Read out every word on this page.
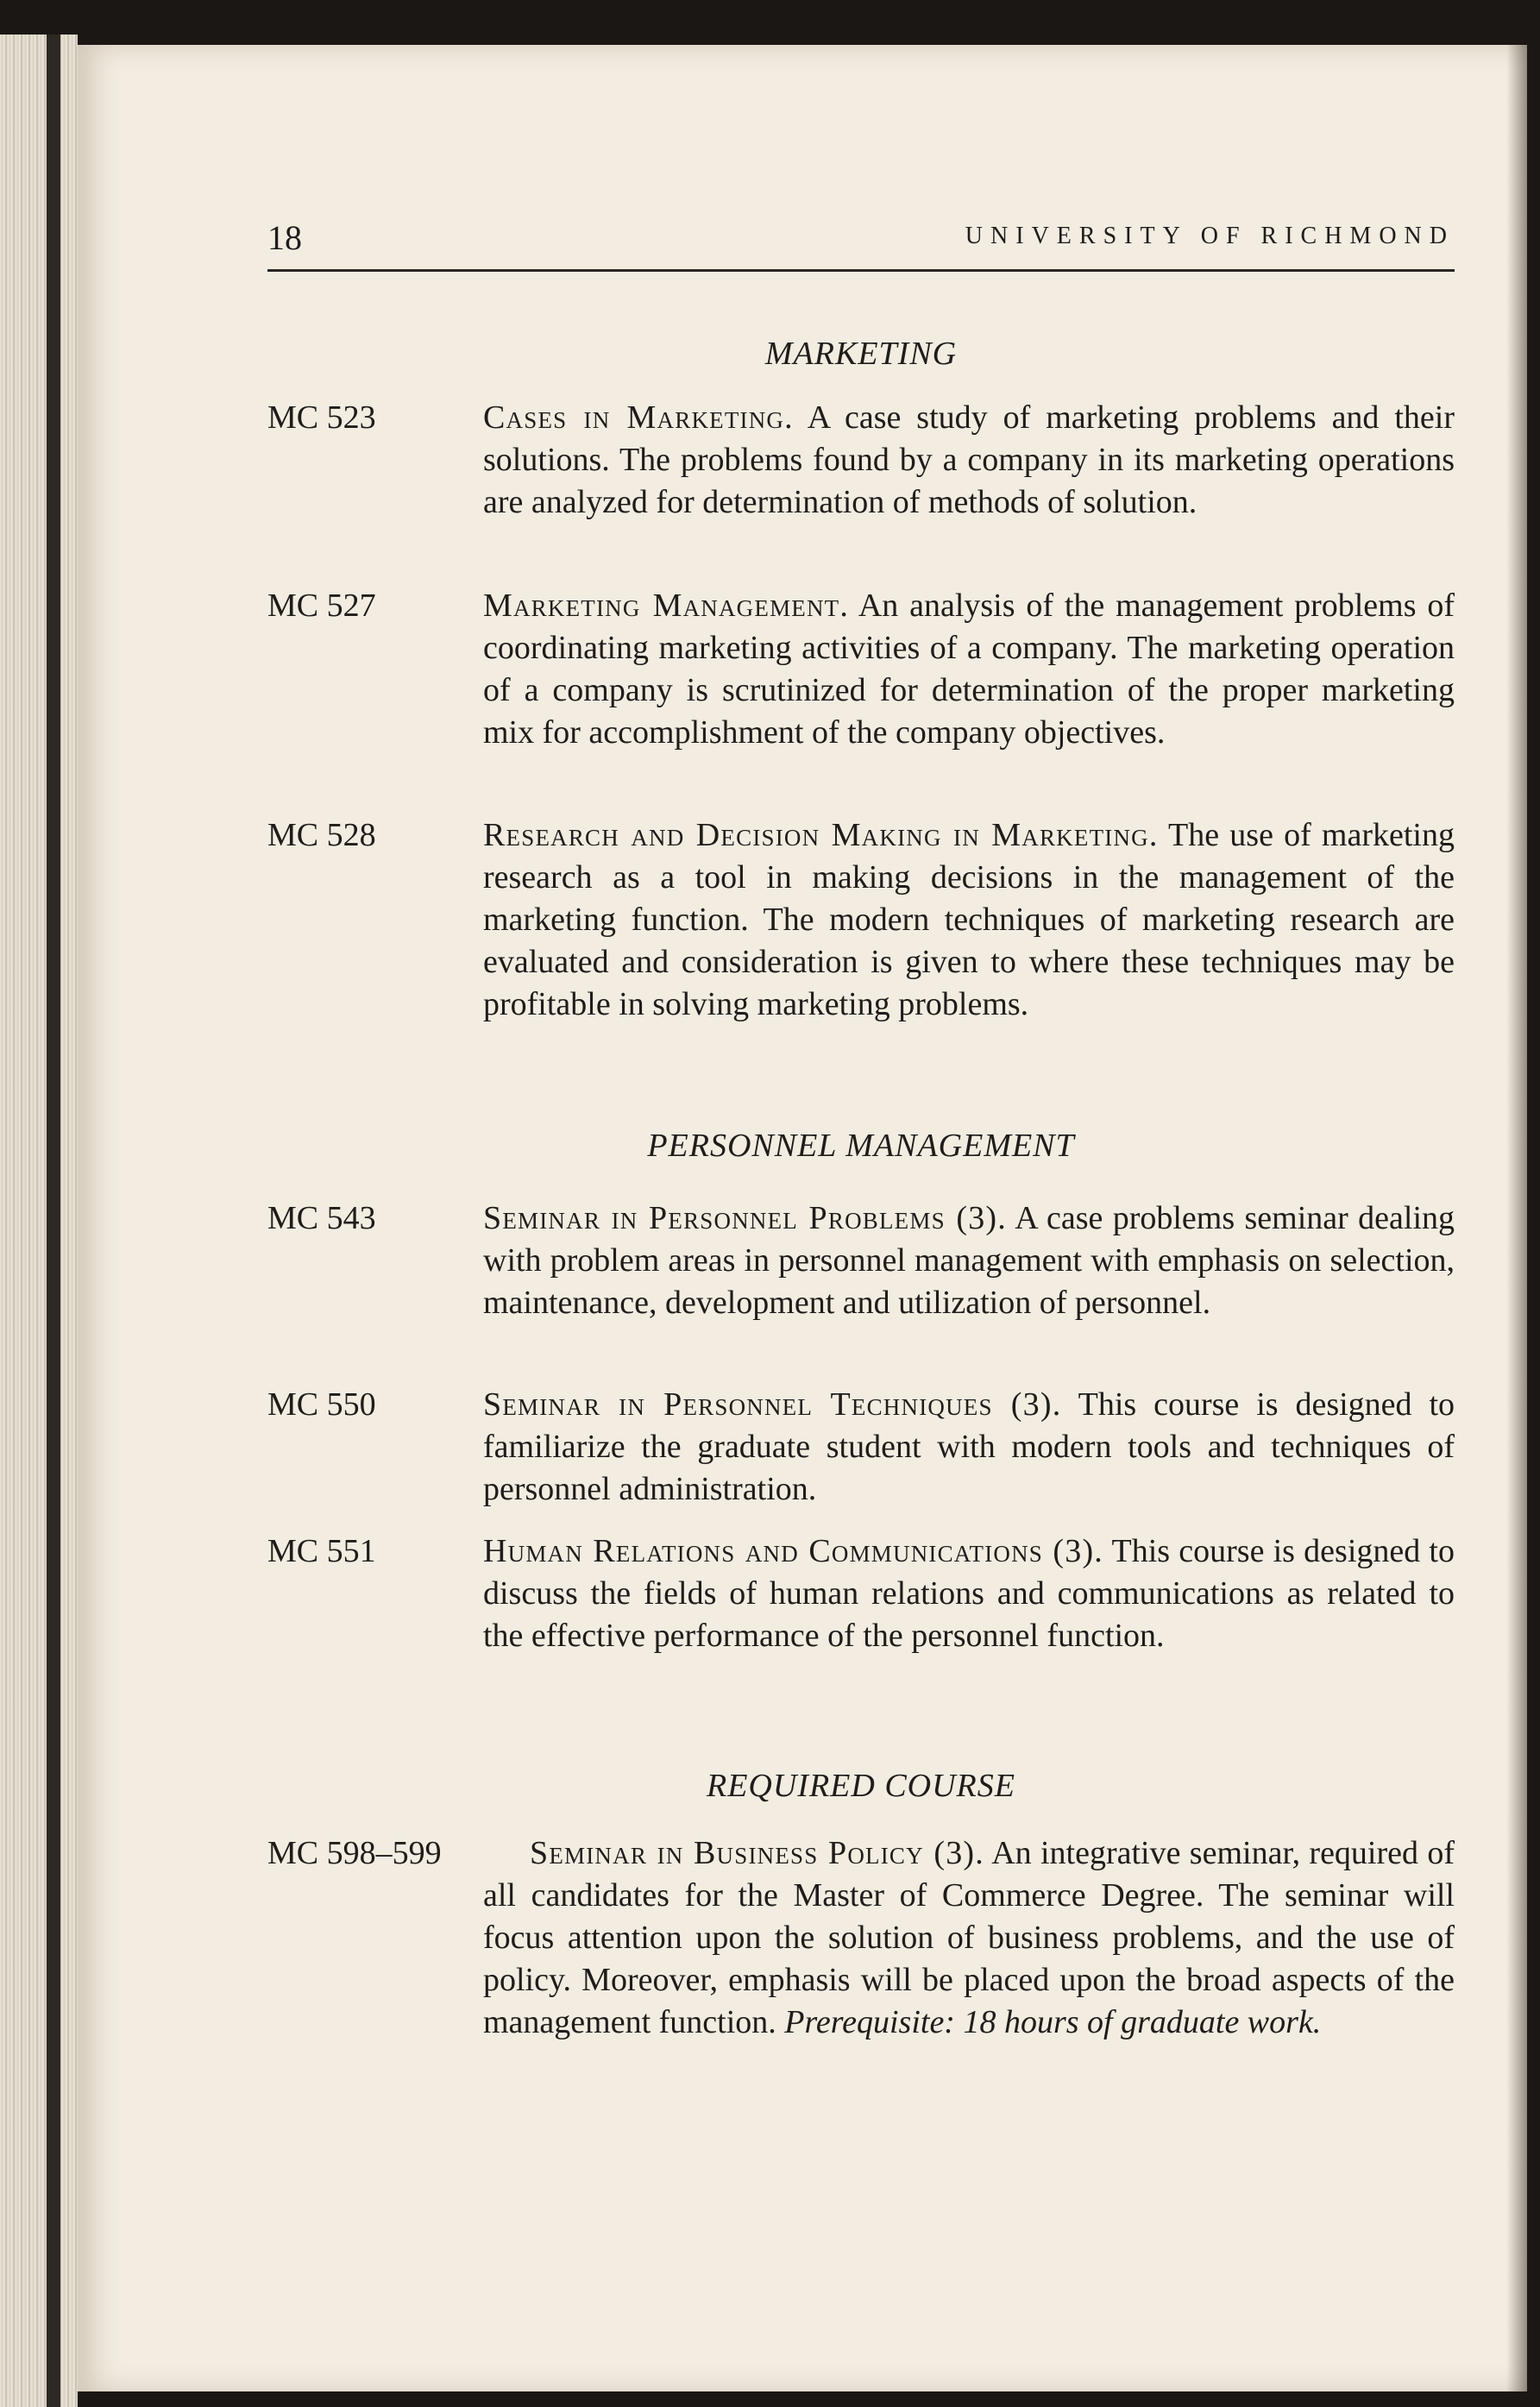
18	UNIVERSITY OF RICHMOND
MARKETING
MC 523	Cases in Marketing. A case study of marketing problems and their solutions. The problems found by a company in its marketing operations are analyzed for determination of methods of solution.
MC 527	Marketing Management. An analysis of the management problems of coordinating marketing activities of a company. The marketing operation of a company is scrutinized for determination of the proper marketing mix for accomplishment of the company objectives.
MC 528	Research and Decision Making in Marketing. The use of marketing research as a tool in making decisions in the management of the marketing function. The modern techniques of marketing research are evaluated and consideration is given to where these techniques may be profitable in solving marketing problems.
PERSONNEL MANAGEMENT
MC 543	Seminar in Personnel Problems (3). A case problems seminar dealing with problem areas in personnel management with emphasis on selection, maintenance, development and utilization of personnel.
MC 550	Seminar in Personnel Techniques (3). This course is designed to familiarize the graduate student with modern tools and techniques of personnel administration.
MC 551	Human Relations and Communications (3). This course is designed to discuss the fields of human relations and communications as related to the effective performance of the personnel function.
REQUIRED COURSE
MC 598–599	Seminar in Business Policy (3). An integrative seminar, required of all candidates for the Master of Commerce Degree. The seminar will focus attention upon the solution of business problems, and the use of policy. Moreover, emphasis will be placed upon the broad aspects of the management function. Prerequisite: 18 hours of graduate work.
